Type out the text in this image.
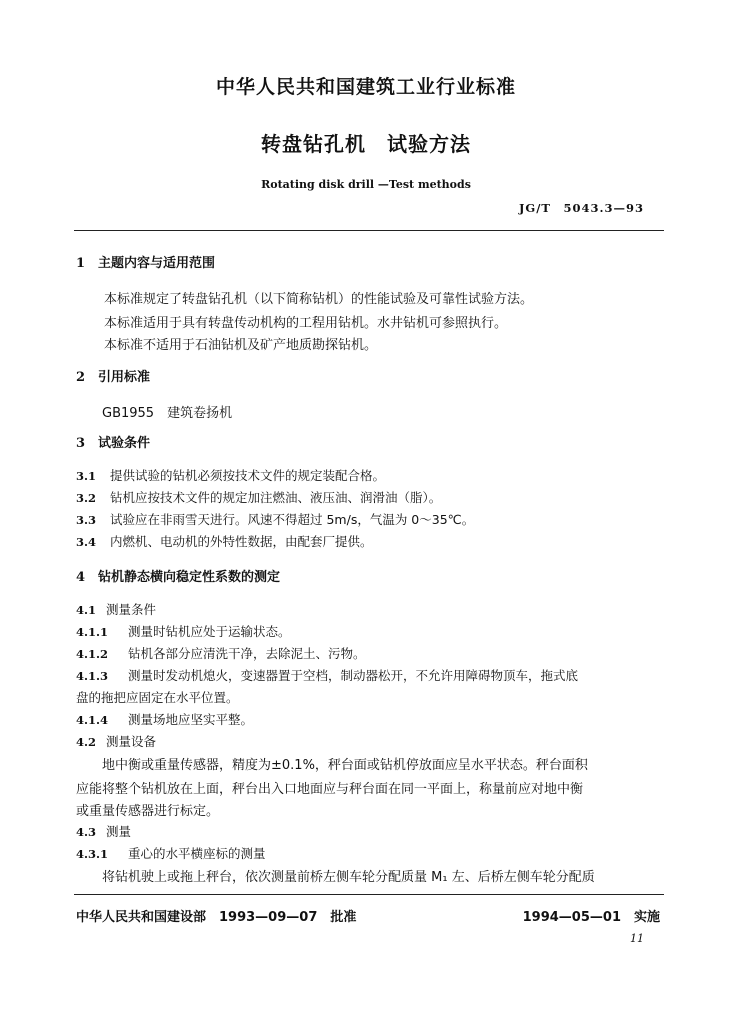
中华人民共和国建筑工业行业标准
转盘钻孔机　试验方法
Rotating disk drill —Test methods
JG/T　5043.3—93
1 主题内容与适用范围
本标准规定了转盘钻孔机（以下简称钻机）的性能试验及可靠性试验方法。
本标准适用于具有转盘传动机构的工程用钻机。水井钻机可参照执行。
本标准不适用于石油钻机及矿产地质勘探钻机。
2 引用标准
GB1955　建筑卷扬机
3 试验条件
3.1 提供试验的钻机必须按技术文件的规定装配合格。
3.2 钻机应按技术文件的规定加注燃油、液压油、润滑油（脂）。
3.3 试验应在非雨雪天进行。风速不得超过 5m/s，气温为 0～35℃。
3.4 内燃机、电动机的外特性数据，由配套厂提供。
4 钻机静态横向稳定性系数的测定
4.1 测量条件
4.1.1 测量时钻机应处于运输状态。
4.1.2 钻机各部分应清洗干净，去除泥土、污物。
4.1.3 测量时发动机熄火，变速器置于空档，制动器松开，不允许用障碍物顶车，拖式底
盘的拖把应固定在水平位置。
4.1.4 测量场地应坚实平整。
4.2 测量设备
地中衡或重量传感器，精度为±0.1%，秤台面或钻机停放面应呈水平状态。秤台面积
应能将整个钻机放在上面，秤台出入口地面应与秤台面在同一平面上，称量前应对地中衡
或重量传感器进行标定。
4.3 测量
4.3.1 重心的水平横座标的测量
将钻机驶上或拖上秤台，依次测量前桥左侧车轮分配质量 M₁ 左、后桥左侧车轮分配质
中华人民共和国建设部　1993—09—07　批准	1994—05—01　实施
11
